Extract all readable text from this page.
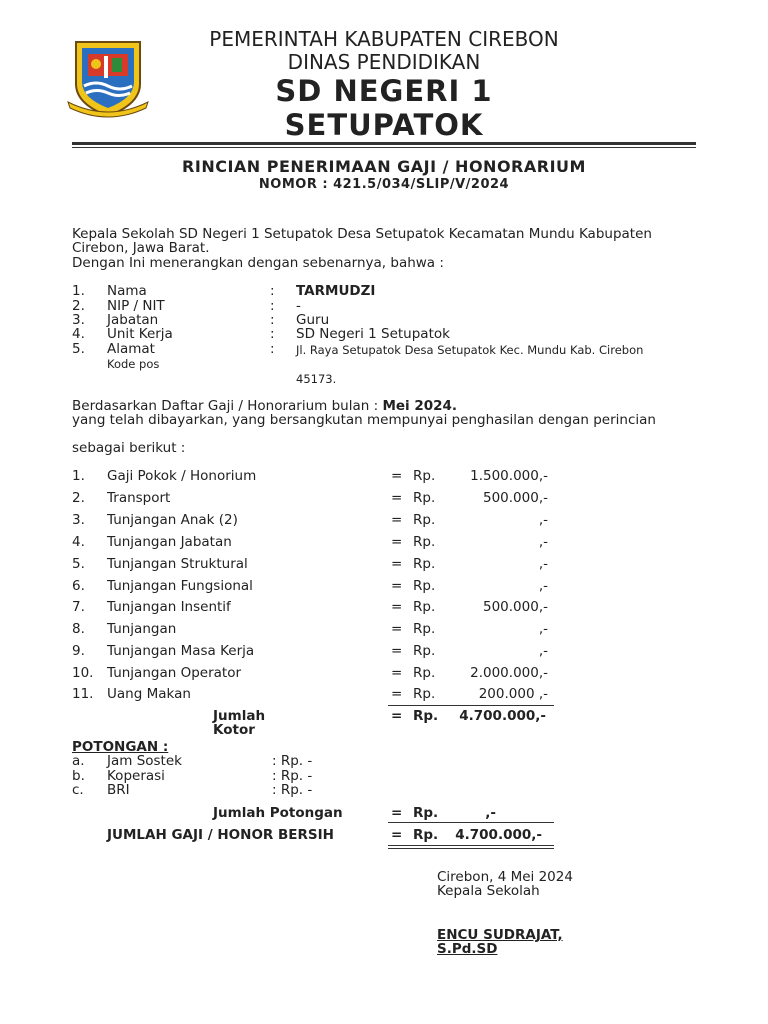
PEMERINTAH KABUPATEN CIREBON
DINAS PENDIDIKAN
SD NEGERI 1
SETUPATOK
RINCIAN PENERIMAAN GAJI / HONORARIUM
NOMOR : 421.5/034/SLIP/V/2024
Kepala Sekolah SD Negeri 1 Setupatok Desa Setupatok Kecamatan Mundu Kabupaten
Cirebon, Jawa Barat.
Dengan Ini menerangkan dengan sebenarnya, bahwa :
1. Nama	: TARMUDZI
2. NIP / NIT	: -
3. Jabatan	: Guru
4. Unit Kerja	: SD Negeri 1 Setupatok
5. Alamat	: Jl. Raya Setupatok Desa Setupatok Kec. Mundu Kab. Cirebon
Kode pos
45173.
Berdasarkan Daftar Gaji / Honorarium bulan : Mei 2024.
yang telah dibayarkan, yang bersangkutan mempunyai penghasilan dengan perincian
sebagai berikut :
1. Gaji Pokok / Honorium	= Rp.	1.500.000,-
2. Transport	= Rp.	500.000,-
3. Tunjangan Anak (2)	= Rp.	,-
4. Tunjangan Jabatan	= Rp.	,-
5. Tunjangan Struktural	= Rp.	,-
6. Tunjangan Fungsional	= Rp.	,-
7. Tunjangan Insentif	= Rp.	500.000,-
8. Tunjangan	= Rp.	,-
9. Tunjangan Masa Kerja	= Rp.	,-
10. Tunjangan Operator	= Rp.	2.000.000,-
11. Uang Makan	= Rp.	200.000 ,-
Jumlah
Kotor
= Rp.	4.700.000,-
POTONGAN :
a. Jam Sostek	: Rp. -
b. Koperasi	: Rp. -
c. BRI	: Rp. -
Jumlah Potongan	= Rp.	,-
JUMLAH GAJI / HONOR BERSIH	= Rp.	4.700.000,-
Cirebon, 4 Mei 2024
Kepala Sekolah
ENCU SUDRAJAT,
S.Pd.SD
